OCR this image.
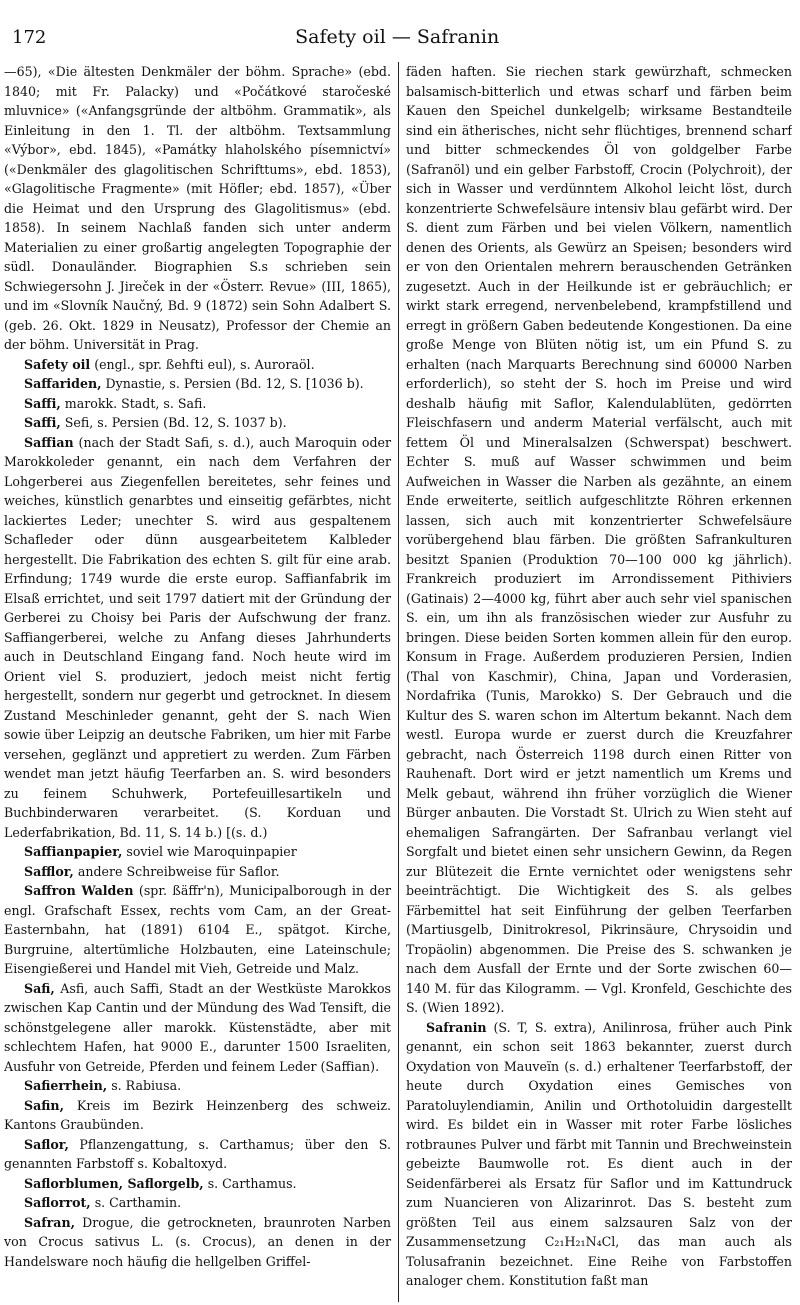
172	Safety oil — Safranin

—65), «Die ältesten Denkmäler der böhm. Sprache» (ebd. 1840; mit Fr. Palacky) und «Počátkové staročeské mluvnice» («Anfangsgründe der altböhm. Grammatik», als Einleitung in den 1. Tl. der altböhm. Textsammlung «Výbor», ebd. 1845), «Památky hlaholského písemnictví» («Denkmäler des glagolitischen Schrifttums», ebd. 1853), «Glagolitische Fragmente» (mit Höfler; ebd. 1857), «Über die Heimat und den Ursprung des Glagolitismus» (ebd. 1858). In seinem Nachlaß fanden sich unter anderm Materialien zu einer großartig angelegten Topographie der südl. Donauländer. Biographien S.s schrieben sein Schwiegersohn J. Jireček in der «Österr. Revue» (III, 1865), und im «Slovník Naučný, Bd. 9 (1872) sein Sohn Adalbert S. (geb. 26. Okt. 1829 in Neusatz), Professor der Chemie an der böhm. Universität in Prag.

Safety oil (engl., spr. ßehfti eul), s. Auroraöl.

Saffariden, Dynastie, s. Persien (Bd. 12, S. [1036 b).

Saffi, marokk. Stadt, s. Safi.

Saffi, Sefi, s. Persien (Bd. 12, S. 1037 b).

Saffian (nach der Stadt Safi, s. d.), auch Maroquin oder Marokkoleder genannt, ein nach dem Verfahren der Lohgerberei aus Ziegenfellen bereitetes, sehr feines und weiches, künstlich genarbtes und einseitig gefärbtes, nicht lackiertes Leder; unechter S. wird aus gespaltenem Schafleder oder dünn ausgearbeitetem Kalbleder hergestellt. Die Fabrikation des echten S. gilt für eine arab. Erfindung; 1749 wurde die erste europ. Saffianfabrik im Elsaß errichtet, und seit 1797 datiert mit der Gründung der Gerberei zu Choisy bei Paris der Aufschwung der franz. Saffiangerberei, welche zu Anfang dieses Jahrhunderts auch in Deutschland Eingang fand. Noch heute wird im Orient viel S. produziert, jedoch meist nicht fertig hergestellt, sondern nur gegerbt und getrocknet. In diesem Zustand Meschinleder genannt, geht der S. nach Wien sowie über Leipzig an deutsche Fabriken, um hier mit Farbe versehen, geglänzt und appretiert zu werden. Zum Färben wendet man jetzt häufig Teerfarben an. S. wird besonders zu feinem Schuhwerk, Portefeuillesartikeln und Buchbinderwaren verarbeitet. (S. Korduan und Lederfabrikation, Bd. 11, S. 14 b.) [(s. d.)

Saffianpapier, soviel wie Maroquinpapier

Safflor, andere Schreibweise für Saflor.

Saffron Walden (spr. ßäffr'n), Municipalborough in der engl. Grafschaft Essex, rechts vom Cam, an der Great-Easternbahn, hat (1891) 6104 E., spätgot. Kirche, Burgruine, altertümliche Holzbauten, eine Lateinschule; Eisengießerei und Handel mit Vieh, Getreide und Malz.

Safi, Asfi, auch Saffi, Stadt an der Westküste Marokkos zwischen Kap Cantin und der Mündung des Wad Tensift, die schönstgelegene aller marokk. Küstenstädte, aber mit schlechtem Hafen, hat 9000 E., darunter 1500 Israeliten, Ausfuhr von Getreide, Pferden und feinem Leder (Saffian).

Safierrhein, s. Rabiusa.

Safin, Kreis im Bezirk Heinzenberg des schweiz. Kantons Graubünden.

Saflor, Pflanzengattung, s. Carthamus; über den S. genannten Farbstoff s. Kobaltoxyd.

Saflorblumen, Saflorgelb, s. Carthamus.

Saflorrot, s. Carthamin.

Safran, Drogue, die getrockneten, braunroten Narben von Crocus sativus L. (s. Crocus), an denen in der Handelsware noch häufig die hellgelben Griffel-

fäden haften. Sie riechen stark gewürzhaft, schmecken balsamisch-bitterlich und etwas scharf und färben beim Kauen den Speichel dunkelgelb; wirksame Bestandteile sind ein ätherisches, nicht sehr flüchtiges, brennend scharf und bitter schmeckendes Öl von goldgelber Farbe (Safranöl) und ein gelber Farbstoff, Crocin (Polychroit), der sich in Wasser und verdünntem Alkohol leicht löst, durch konzentrierte Schwefelsäure intensiv blau gefärbt wird. Der S. dient zum Färben und bei vielen Völkern, namentlich denen des Orients, als Gewürz an Speisen; besonders wird er von den Orientalen mehrern berauschenden Getränken zugesetzt. Auch in der Heilkunde ist er gebräuchlich; er wirkt stark erregend, nervenbelebend, krampfstillend und erregt in größern Gaben bedeutende Kongestionen. Da eine große Menge von Blüten nötig ist, um ein Pfund S. zu erhalten (nach Marquarts Berechnung sind 60000 Narben erforderlich), so steht der S. hoch im Preise und wird deshalb häufig mit Saflor, Kalendulablüten, gedörrten Fleischfasern und anderm Material verfälscht, auch mit fettem Öl und Mineralsalzen (Schwerspat) beschwert. Echter S. muß auf Wasser schwimmen und beim Aufweichen in Wasser die Narben als gezähnte, an einem Ende erweiterte, seitlich aufgeschlitzte Röhren erkennen lassen, sich auch mit konzentrierter Schwefelsäure vorübergehend blau färben. Die größten Safrankulturen besitzt Spanien (Produktion 70—100 000 kg jährlich). Frankreich produziert im Arrondissement Pithiviers (Gatinais) 2—4000 kg, führt aber auch sehr viel spanischen S. ein, um ihn als französischen wieder zur Ausfuhr zu bringen. Diese beiden Sorten kommen allein für den europ. Konsum in Frage. Außerdem produzieren Persien, Indien (Thal von Kaschmir), China, Japan und Vorderasien, Nordafrika (Tunis, Marokko) S. Der Gebrauch und die Kultur des S. waren schon im Altertum bekannt. Nach dem westl. Europa wurde er zuerst durch die Kreuzfahrer gebracht, nach Österreich 1198 durch einen Ritter von Rauhenaft. Dort wird er jetzt namentlich um Krems und Melk gebaut, während ihn früher vorzüglich die Wiener Bürger anbauten. Die Vorstadt St. Ulrich zu Wien steht auf ehemaligen Safrangärten. Der Safranbau verlangt viel Sorgfalt und bietet einen sehr unsichern Gewinn, da Regen zur Blütezeit die Ernte vernichtet oder wenigstens sehr beeinträchtigt. Die Wichtigkeit des S. als gelbes Färbemittel hat seit Einführung der gelben Teerfarben (Martiusgelb, Dinitrokresol, Pikrinsäure, Chrysoidin und Tropäolin) abgenommen. Die Preise des S. schwanken je nach dem Ausfall der Ernte und der Sorte zwischen 60—140 M. für das Kilogramm. — Vgl. Kronfeld, Geschichte des S. (Wien 1892).

Safranin (S. T, S. extra), Anilinrosa, früher auch Pink genannt, ein schon seit 1863 bekannter, zuerst durch Oxydation von Mauveïn (s. d.) erhaltener Teerfarbstoff, der heute durch Oxydation eines Gemisches von Paratoluylendiamin, Anilin und Orthotoluidin dargestellt wird. Es bildet ein in Wasser mit roter Farbe lösliches rotbraunes Pulver und färbt mit Tannin und Brechweinstein gebeizte Baumwolle rot. Es dient auch in der Seidenfärberei als Ersatz für Saflor und im Kattundruck zum Nuancieren von Alizarinrot. Das S. besteht zum größten Teil aus einem salzsauren Salz von der Zusammensetzung C₂₁H₂₁N₄Cl, das man auch als Tolusafranin bezeichnet. Eine Reihe von Farbstoffen analoger chem. Konstitution faßt man
